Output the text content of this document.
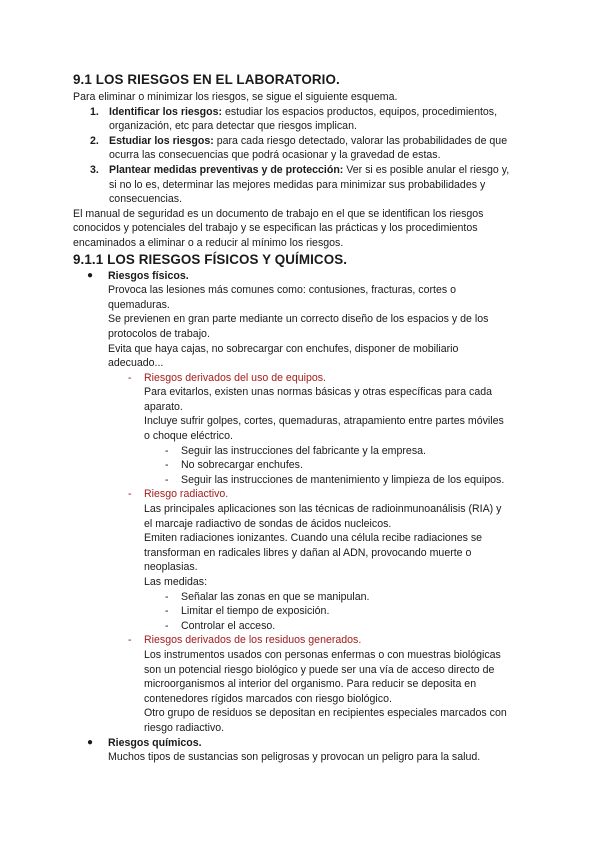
9.1 LOS RIESGOS EN EL LABORATORIO.

Para eliminar o minimizar los riesgos, se sigue el siguiente esquema.

1. Identificar los riesgos: estudiar los espacios productos, equipos, procedimientos,
organización, etc para detectar que riesgos implican.
2. Estudiar los riesgos: para cada riesgo detectado, valorar las probabilidades de que
ocurra las consecuencias que podrá ocasionar y la gravedad de estas.
3. Plantear medidas preventivas y de protección: Ver si es posible anular el riesgo y,
si no lo es, determinar las mejores medidas para minimizar sus probabilidades y
consecuencias.

El manual de seguridad es un documento de trabajo en el que se identifican los riesgos
conocidos y potenciales del trabajo y se especifican las prácticas y los procedimientos
encaminados a eliminar o a reducir al mínimo los riesgos.

9.1.1 LOS RIESGOS FÍSICOS Y QUÍMICOS.
● Riesgos físicos.
Provoca las lesiones más comunes como: contusiones, fracturas, cortes o
quemaduras.
Se previenen en gran parte mediante un correcto diseño de los espacios y de los
protocolos de trabajo.
Evita que haya cajas, no sobrecargar con enchufes, disponer de mobiliario
adecuado...
- Riesgos derivados del uso de equipos.
Para evitarlos, existen unas normas básicas y otras específicas para cada
aparato.
Incluye sufrir golpes, cortes, quemaduras, atrapamiento entre partes móviles
o choque eléctrico.
- Seguir las instrucciones del fabricante y la empresa.
- No sobrecargar enchufes.
- Seguir las instrucciones de mantenimiento y limpieza de los equipos.
- Riesgo radiactivo.
Las principales aplicaciones son las técnicas de radioinmunoanálisis (RIA) y
el marcaje radiactivo de sondas de ácidos nucleicos.
Emiten radiaciones ionizantes. Cuando una célula recibe radiaciones se
transforman en radicales libres y dañan al ADN, provocando muerte o
neoplasias.
Las medidas:
- Señalar las zonas en que se manipulan.
- Limitar el tiempo de exposición.
- Controlar el acceso.
- Riesgos derivados de los residuos generados.
Los instrumentos usados con personas enfermas o con muestras biológicas
son un potencial riesgo biológico y puede ser una vía de acceso directo de
microorganismos al interior del organismo. Para reducir se deposita en
contenedores rígidos marcados con riesgo biológico.
Otro grupo de residuos se depositan en recipientes especiales marcados con
riesgo radiactivo.
● Riesgos químicos.
Muchos tipos de sustancias son peligrosas y provocan un peligro para la salud.
